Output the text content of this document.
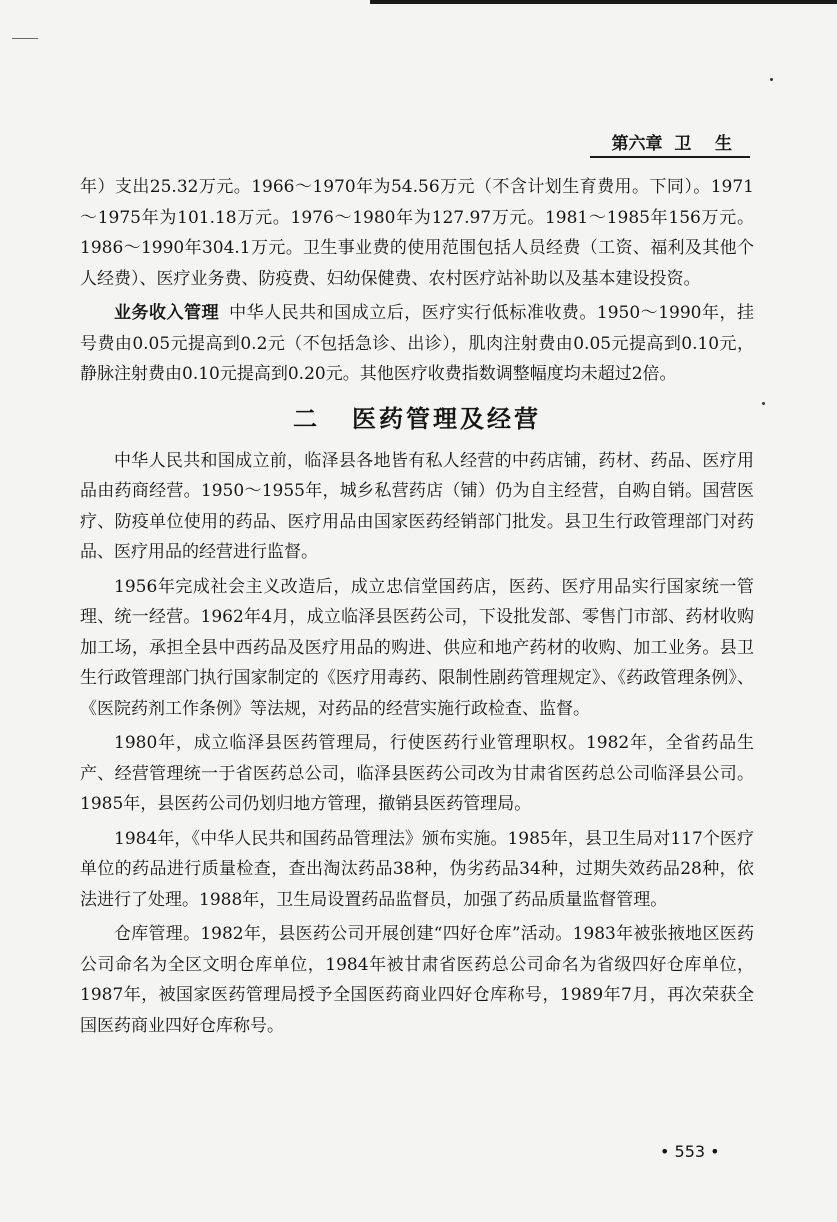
第六章  卫    生

年）支出25.32万元。1966～1970年为54.56万元（不含计划生育费用。下同）。1971～1975年为101.18万元。1976～1980年为127.97万元。1981～1985年156万元。1986～1990年304.1万元。卫生事业费的使用范围包括人员经费（工资、福利及其他个人经费）、医疗业务费、防疫费、妇幼保健费、农村医疗站补助以及基本建设投资。

业务收入管理 中华人民共和国成立后，医疗实行低标准收费。1950～1990年，挂号费由0.05元提高到0.2元（不包括急诊、出诊），肌肉注射费由0.05元提高到0.10元，静脉注射费由0.10元提高到0.20元。其他医疗收费指数调整幅度均未超过2倍。

二 医药管理及经营

中华人民共和国成立前，临泽县各地皆有私人经营的中药店铺，药材、药品、医疗用品由药商经营。1950～1955年，城乡私营药店（铺）仍为自主经营，自购自销。国营医疗、防疫单位使用的药品、医疗用品由国家医药经销部门批发。县卫生行政管理部门对药品、医疗用品的经营进行监督。

1956年完成社会主义改造后，成立忠信堂国药店，医药、医疗用品实行国家统一管理、统一经营。1962年4月，成立临泽县医药公司，下设批发部、零售门市部、药材收购加工场，承担全县中西药品及医疗用品的购进、供应和地产药材的收购、加工业务。县卫生行政管理部门执行国家制定的《医疗用毒药、限制性剧药管理规定》、《药政管理条例》、《医院药剂工作条例》等法规，对药品的经营实施行政检查、监督。

1980年，成立临泽县医药管理局，行使医药行业管理职权。1982年，全省药品生产、经营管理统一于省医药总公司，临泽县医药公司改为甘肃省医药总公司临泽县公司。1985年，县医药公司仍划归地方管理，撤销县医药管理局。

1984年，《中华人民共和国药品管理法》颁布实施。1985年，县卫生局对117个医疗单位的药品进行质量检查，查出淘汰药品38种，伪劣药品34种，过期失效药品28种，依法进行了处理。1988年，卫生局设置药品监督员，加强了药品质量监督管理。

仓库管理。1982年，县医药公司开展创建“四好仓库”活动。1983年被张掖地区医药公司命名为全区文明仓库单位，1984年被甘肃省医药总公司命名为省级四好仓库单位，1987年，被国家医药管理局授予全国医药商业四好仓库称号，1989年7月，再次荣获全国医药商业四好仓库称号。

• 553 •
